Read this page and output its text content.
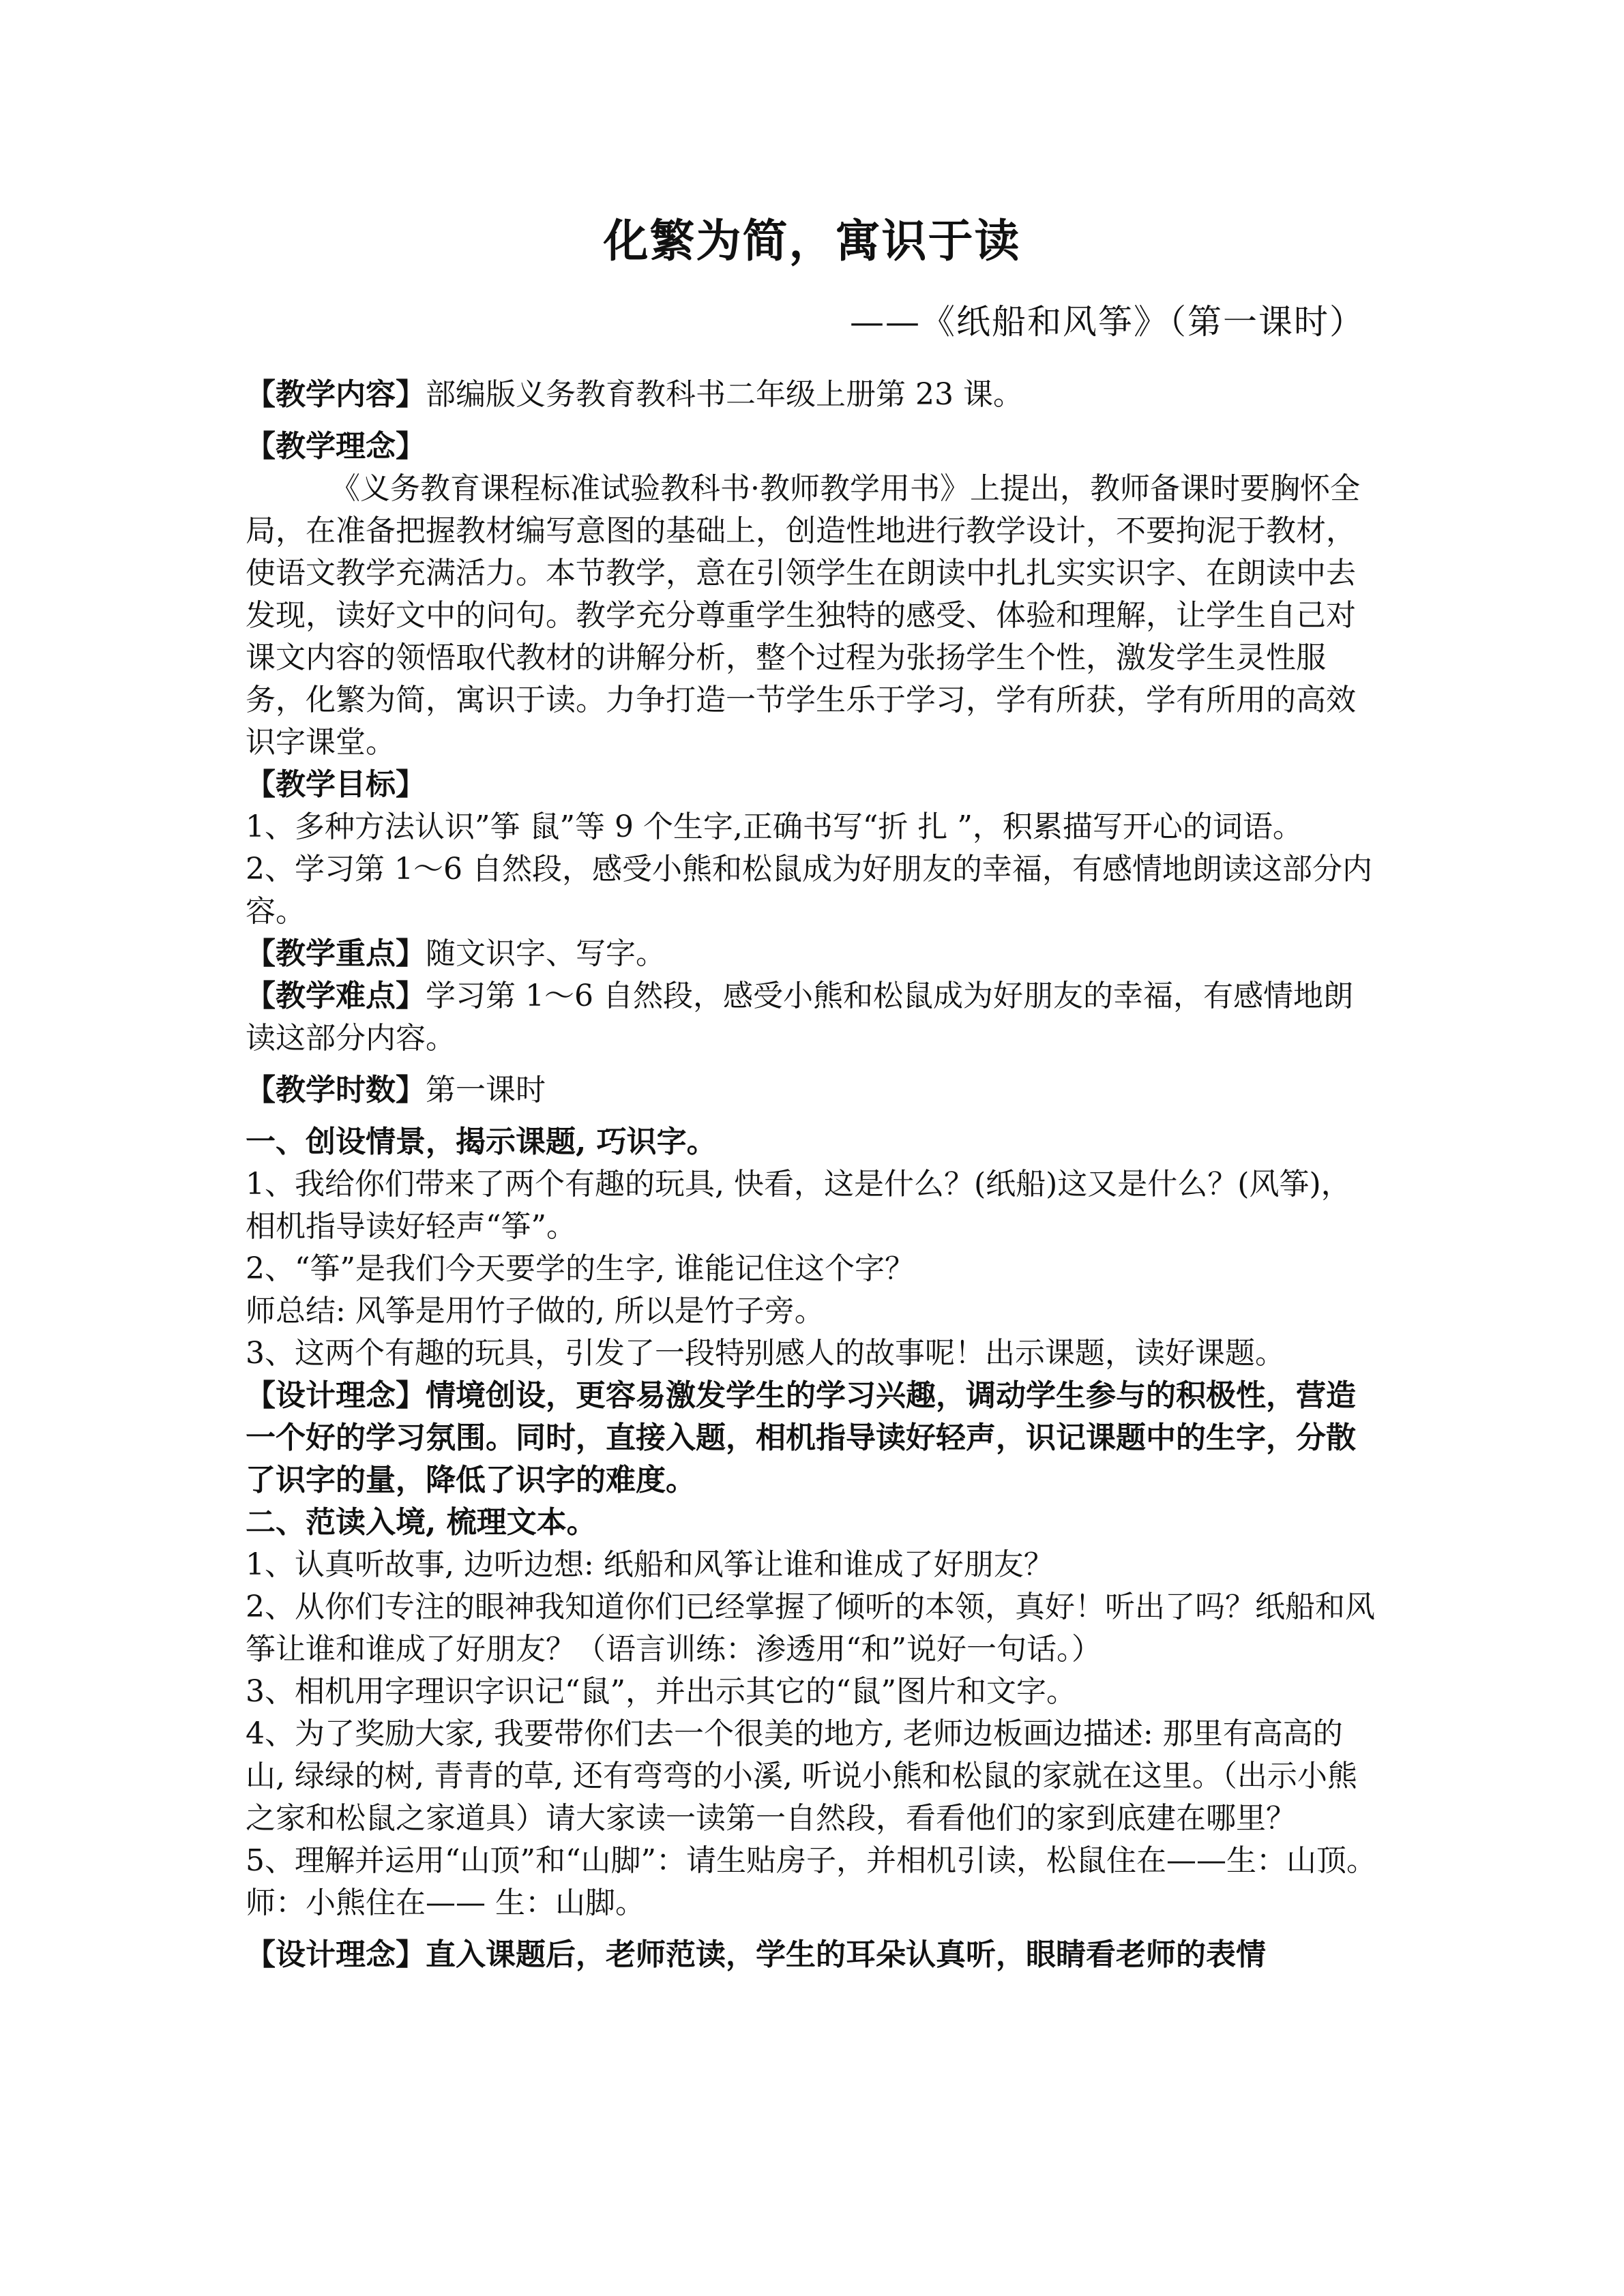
化繁为简，寓识于读
——《纸船和风筝》（第一课时）

【教学内容】部编版义务教育教科书二年级上册第 23 课。

【教学理念】

《义务教育课程标准试验教科书·教师教学用书》上提出，教师备课时要胸怀全局，在准备把握教材编写意图的基础上，创造性地进行教学设计，不要拘泥于教材，使语文教学充满活力。本节教学，意在引领学生在朗读中扎扎实实识字、在朗读中去发现，读好文中的问句。教学充分尊重学生独特的感受、体验和理解，让学生自己对课文内容的领悟取代教材的讲解分析，整个过程为张扬学生个性，激发学生灵性服务，化繁为简，寓识于读。力争打造一节学生乐于学习，学有所获，学有所用的高效识字课堂。

【教学目标】

1、多种方法认识”筝 鼠”等 9 个生字,正确书写“折 扎 ”，积累描写开心的词语。

2、学习第 1～6 自然段，感受小熊和松鼠成为好朋友的幸福，有感情地朗读这部分内容。

【教学重点】随文识字、写字。

【教学难点】学习第 1～6 自然段，感受小熊和松鼠成为好朋友的幸福，有感情地朗读这部分内容。

【教学时数】第一课时

一、创设情景，揭示课题, 巧识字。

1、我给你们带来了两个有趣的玩具, 快看，这是什么？(纸船)这又是什么？(风筝)，相机指导读好轻声“筝”。

2、“筝”是我们今天要学的生字, 谁能记住这个字？

师总结: 风筝是用竹子做的, 所以是竹子旁。

3、这两个有趣的玩具，引发了一段特别感人的故事呢！出示课题，读好课题。

【设计理念】情境创设，更容易激发学生的学习兴趣，调动学生参与的积极性，营造一个好的学习氛围。同时，直接入题，相机指导读好轻声，识记课题中的生字，分散了识字的量，降低了识字的难度。

二、范读入境, 梳理文本。

1、认真听故事, 边听边想: 纸船和风筝让谁和谁成了好朋友？

2、从你们专注的眼神我知道你们已经掌握了倾听的本领，真好！听出了吗？纸船和风筝让谁和谁成了好朋友？（语言训练：渗透用“和”说好一句话。）

3、相机用字理识字识记“鼠”，并出示其它的“鼠”图片和文字。

4、为了奖励大家, 我要带你们去一个很美的地方, 老师边板画边描述: 那里有高高的山, 绿绿的树, 青青的草, 还有弯弯的小溪, 听说小熊和松鼠的家就在这里。（出示小熊之家和松鼠之家道具）请大家读一读第一自然段，看看他们的家到底建在哪里？

5、理解并运用“山顶”和“山脚”：请生贴房子，并相机引读，松鼠住在——生：山顶。 师：小熊住在—— 生：山脚。

【设计理念】直入课题后，老师范读，学生的耳朵认真听，眼睛看老师的表情
